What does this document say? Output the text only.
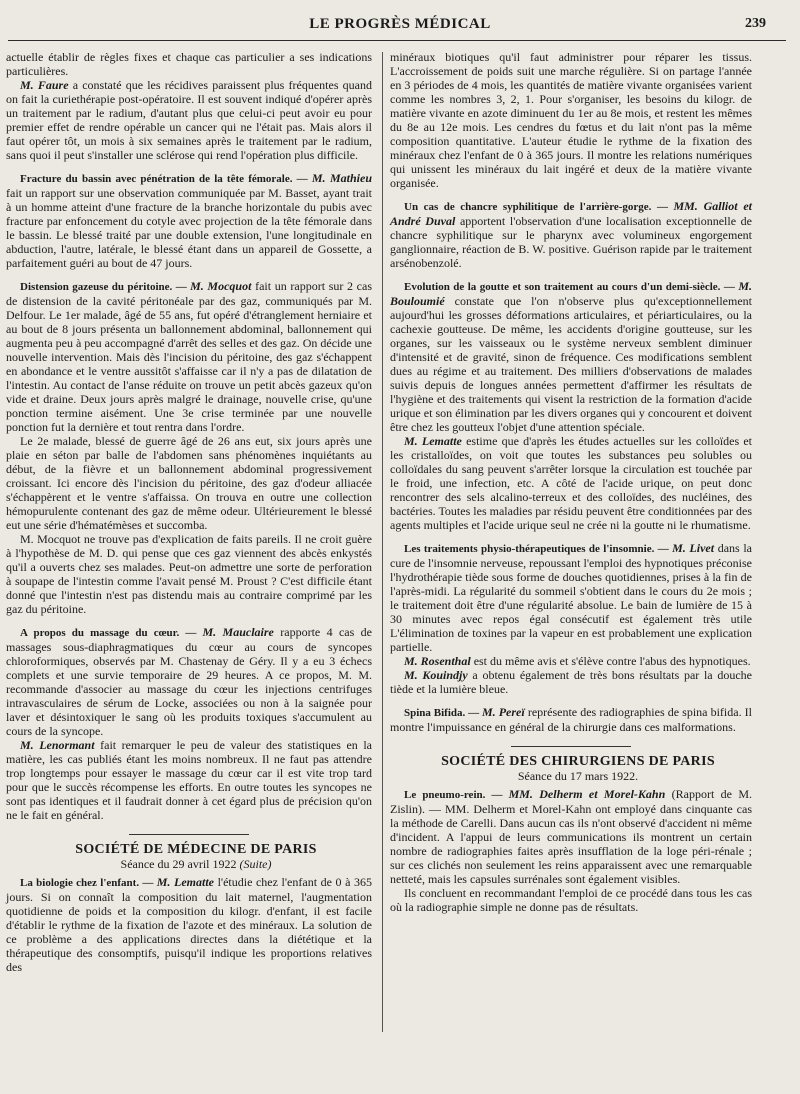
LE PROGRÈS MÉDICAL	239

actuelle établir de règles fixes et chaque cas particulier a ses indications particulières.

M. Faure a constaté que les récidives paraissent plus fréquentes quand on fait la curiethérapie post-opératoire. Il est souvent indiqué d'opérer après un traitement par le radium, d'autant plus que celui-ci peut avoir eu pour premier effet de rendre opérable un cancer qui ne l'était pas. Mais alors il faut opérer tôt, un mois à six semaines après le traitement par le radium, sans quoi il peut s'installer une sclérose qui rend l'opération plus difficile.

Fracture du bassin avec pénétration de la tête fémorale. — M. Mathieu fait un rapport sur une observation communiquée par M. Basset, ayant trait à un homme atteint d'une fracture de la branche horizontale du pubis avec fracture par enfoncement du cotyle avec projection de la tête fémorale dans le bassin. Le blessé traité par une double extension, l'une longitudinale en abduction, l'autre, latérale, le blessé étant dans un appareil de Gossette, a parfaitement guéri au bout de 47 jours.

Distension gazeuse du péritoine. — M. Mocquot fait un rapport sur 2 cas de distension de la cavité péritonéale par des gaz, communiqués par M. Delfour. Le 1er malade, âgé de 55 ans, fut opéré d'étranglement herniaire et au bout de 8 jours présenta un ballonnement abdominal, ballonnement qui augmenta peu à peu accompagné d'arrêt des selles et des gaz. On décide une nouvelle intervention. Mais dès l'incision du péritoine, des gaz s'échappent en abondance et le ventre aussitôt s'affaisse car il n'y a pas de dilatation de l'intestin. Au contact de l'anse réduite on trouve un petit abcès gazeux qu'on vide et draine. Deux jours après malgré le drainage, nouvelle crise, qu'une ponction termine aisément. Une 3e crise terminée par une nouvelle ponction fut la dernière et tout rentra dans l'ordre.

Le 2e malade, blessé de guerre âgé de 26 ans eut, six jours après une plaie en séton par balle de l'abdomen sans phénomènes inquiétants au début, de la fièvre et un ballonnement abdominal progressivement croissant. Ici encore dès l'incision du péritoine, des gaz d'odeur alliacée s'échappèrent et le ventre s'affaissa. On trouva en outre une collection hémopurulente contenant des gaz de même odeur. Ultérieurement le blessé eut une série d'hématémèses et succomba.

M. Mocquot ne trouve pas d'explication de faits pareils. Il ne croit guère à l'hypothèse de M. D. qui pense que ces gaz viennent des abcès enkystés qu'il a ouverts chez ses malades. Peut-on admettre une sorte de perforation à soupape de l'intestin comme l'avait pensé M. Proust ? C'est difficile étant donné que l'intestin n'est pas distendu mais au contraire comprimé par les gaz du péritoine.

A propos du massage du cœur. — M. Mauclaire rapporte 4 cas de massages sous-diaphragmatiques du cœur au cours de syncopes chloroformiques, observés par M. Chastenay de Géry. Il y a eu 3 échecs complets et une survie temporaire de 29 heures. A ce propos, M. M. recommande d'associer au massage du cœur les injections centrifuges intravasculaires de sérum de Locke, associées ou non à la saignée pour laver et désintoxiquer le sang où les produits toxiques s'accumulent au cours de la syncope.

M. Lenormant fait remarquer le peu de valeur des statistiques en la matière, les cas publiés étant les moins nombreux. Il ne faut pas attendre trop longtemps pour essayer le massage du cœur car il est vite trop tard pour que le succès récompense les efforts. En outre toutes les syncopes ne sont pas identiques et il faudrait donner à cet égard plus de précision qu'on ne le fait en général.

SOCIÉTÉ DE MÉDECINE DE PARIS

Séance du 29 avril 1922 (Suite)

La biologie chez l'enfant. — M. Lematte l'étudie chez l'enfant de 0 à 365 jours. Si on connaît la composition du lait maternel, l'augmentation quotidienne de poids et la composition du kilogr. d'enfant, il est facile d'établir le rythme de la fixation de l'azote et des minéraux. La solution de ce problème a des applications directes dans la diététique et la thérapeutique des consomptifs, puisqu'il indique les proportions relatives des

minéraux biotiques qu'il faut administrer pour réparer les tissus. L'accroissement de poids suit une marche régulière. Si on partage l'année en 3 périodes de 4 mois, les quantités de matière vivante organisées varient comme les nombres 3, 2, 1. Pour s'organiser, les besoins du kilogr. de matière vivante en azote diminuent du 1er au 8e mois, et restent les mêmes du 8e au 12e mois. Les cendres du fœtus et du lait n'ont pas la même composition quantitative. L'auteur étudie le rythme de la fixation des minéraux chez l'enfant de 0 à 365 jours. Il montre les relations numériques qui unissent les minéraux du lait ingéré et deux de la matière vivante organisée.

Un cas de chancre syphilitique de l'arrière-gorge. — MM. Galliot et André Duval apportent l'observation d'une localisation exceptionnelle de chancre syphilitique sur le pharynx avec volumineux engorgement ganglionnaire, réaction de B. W. positive. Guérison rapide par le traitement arsénobenzolé.

Evolution de la goutte et son traitement au cours d'un demi-siècle. — M. Bouloumié constate que l'on n'observe plus qu'exceptionnellement aujourd'hui les grosses déformations articulaires, et périarticulaires, ou la cachexie goutteuse. De même, les accidents d'origine goutteuse, sur les organes, sur les vaisseaux ou le système nerveux semblent diminuer d'intensité et de gravité, sinon de fréquence. Ces modifications semblent dues au régime et au traitement. Des milliers d'observations de malades suivis depuis de longues années permettent d'affirmer les résultats de l'hygiène et des traitements qui visent la restriction de la formation d'acide urique et son élimination par les divers organes qui y concourent et doivent être chez les goutteux l'objet d'une attention spéciale.

M. Lematte estime que d'après les études actuelles sur les colloïdes et les cristalloïdes, on voit que toutes les substances peu solubles ou colloïdales du sang peuvent s'arrêter lorsque la circulation est touchée par le froid, une infection, etc. A côté de l'acide urique, on peut donc rencontrer des sels alcalino-terreux et des colloïdes, des nucléines, des bactéries. Toutes les maladies par résidu peuvent être conditionnées par des agents multiples et l'acide urique seul ne crée ni la goutte ni le rhumatisme.

Les traitements physio-thérapeutiques de l'insomnie. — M. Livet dans la cure de l'insomnie nerveuse, repoussant l'emploi des hypnotiques préconise l'hydrothérapie tiède sous forme de douches quotidiennes, prises à la fin de l'après-midi. La régularité du sommeil s'obtient dans le cours du 2e mois ; le traitement doit être d'une régularité absolue. Le bain de lumière de 15 à 30 minutes avec repos égal consécutif est également très utile L'élimination de toxines par la vapeur en est probablement une explication partielle.

M. Rosenthal est du même avis et s'élève contre l'abus des hypnotiques.

M. Kouindjy a obtenu également de très bons résultats par la douche tiède et la lumière bleue.

Spina Bifida. — M. Pereï représente des radiographies de spina bifida. Il montre l'impuissance en général de la chirurgie dans ces malformations.

SOCIÉTÉ DES CHIRURGIENS DE PARIS

Séance du 17 mars 1922.

Le pneumo-rein. — MM. Delherm et Morel-Kahn (Rapport de M. Zislin). — MM. Delherm et Morel-Kahn ont employé dans cinquante cas la méthode de Carelli. Dans aucun cas ils n'ont observé d'accident ni même d'incident. A l'appui de leurs communications ils montrent un certain nombre de radiographies faites après insufflation de la loge péri-rénale ; sur ces clichés non seulement les reins apparaissent avec une remarquable netteté, mais les capsules surrénales sont également visibles.

Ils concluent en recommandant l'emploi de ce procédé dans tous les cas où la radiographie simple ne donne pas de résultats.
